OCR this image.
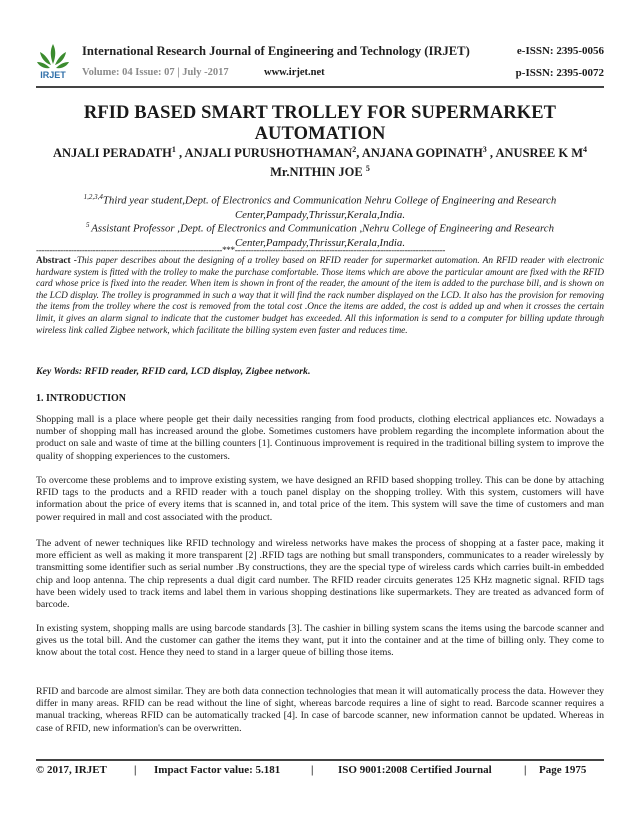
IRJET
International Research Journal of Engineering and Technology (IRJET)	e-ISSN: 2395-0056
Volume: 04 Issue: 07 | July -2017	www.irjet.net	p-ISSN: 2395-0072
RFID BASED SMART TROLLEY FOR SUPERMARKET AUTOMATION
ANJALI PERADATH$^1$ , ANJALI PURUSHOTHAMAN$^2$, ANJANA GOPINATH$^3$ , ANUSREE K $M^4$
Mr.NITHIN JOE $^5$
$^{1,2,3,4}$Third year student,Dept. of Electronics and Communication Nehru College of Engineering and Research Center,Pampady,Thrissur,Kerala,India.
$^5$ Assistant Professor ,Dept. of Electronics and Communication ,Nehru College of Engineering and Research Center,Pampady,Thrissur,Kerala,India.
---------------------------------------------------------------------***------------------------------------------------------------------------------
Abstract -This paper describes about the designing of a trolley based on RFID reader for supermarket automation. An RFID reader with electronic hardware system is fitted with the trolley to make the purchase comfortable. Those items which are above the particular amount are fixed with the RFID card whose price is fixed into the reader. When item is shown in front of the reader, the amount of the item is added to the purchase bill, and is shown on the LCD display. The trolley is programmed in such a way that it will find the rack number displayed on the LCD. It also has the provision for removing the items from the trolley where the cost is removed from the total cost .Once the items are added, the cost is added up and when it crosses the certain limit, it gives an alarm signal to indicate that the customer budget has exceeded. All this information is send to a computer for billing update through wireless link called Zigbee network, which facilitate the billing system even faster and reduces time.
Key Words: RFID reader, RFID card, LCD display, Zigbee network.
1. INTRODUCTION
Shopping mall is a place where people get their daily necessities ranging from food products, clothing electrical appliances etc. Nowadays a number of shopping mall has increased around the globe. Sometimes customers have problem regarding the incomplete information about the product on sale and waste of time at the billing counters [1]. Continuous improvement is required in the traditional billing system to improve the quality of shopping experiences to the customers.
To overcome these problems and to improve existing system, we have designed an RFID based shopping trolley. This can be done by attaching RFID tags to the products and a RFID reader with a touch panel display on the shopping trolley. With this system, customers will have information about the price of every items that is scanned in, and total price of the item. This system will save the time of customers and man power required in mall and cost associated with the product.
The advent of newer techniques like RFID technology and wireless networks have makes the process of shopping at a faster pace, making it more efficient as well as making it more transparent [2] .RFID tags are nothing but small transponders, communicates to a reader wirelessly by transmitting some identifier such as serial number .By constructions, they are the special type of wireless cards which carries built-in embedded chip and loop antenna. The chip represents a dual digit card number. The RFID reader circuits generates 125 KHz magnetic signal. RFID tags have been widely used to track items and label them in various shopping destinations like supermarkets. They are treated as advanced form of barcode.
In existing system, shopping malls are using barcode standards [3]. The cashier in billing system scans the items using the barcode scanner and gives us the total bill. And the customer can gather the items they want, put it into the container and at the time of billing only. They come to know about the total cost. Hence they need to stand in a larger queue of billing those items.
RFID and barcode are almost similar. They are both data connection technologies that mean it will automatically process the data. However they differ in many areas. RFID can be read without the line of sight, whereas barcode requires a line of sight to read. Barcode scanner requires a manual tracking, whereas RFID can be automatically tracked [4]. In case of barcode scanner, new information cannot be updated. Whereas in case of RFID, new information's can be overwritten.
© 2017, IRJET | Impact Factor value: 5.181	| ISO 9001:2008 Certified Journal	| Page 1975
